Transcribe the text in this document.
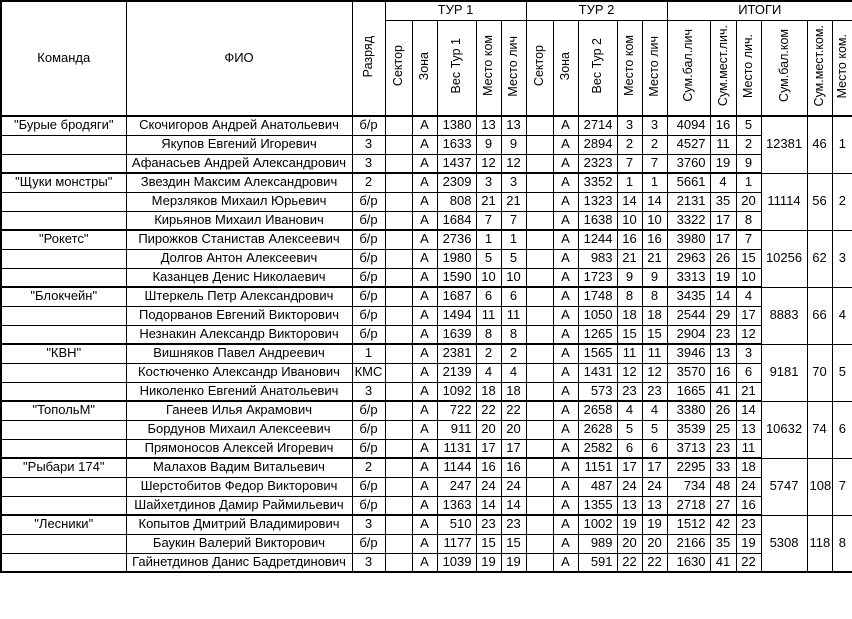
Команда	ФИО	Разряд	ТУР 1					ТУР 2					ИТОГИ					
			Сектор	Зона	Вес Тур 1	Место ком	Место лич	Сектор	Зона	Вес Тур 2	Место ком	Место лич	Сум.бал.лич	Сум.мест.лич.	Место лич.	Сум.бал.ком	Сум.мест.ком.	Место ком.
"Бурые бродяги"	Скочигоров Андрей Анатольевич	б/р		А	1380	13	13		А	2714	3	3	4094	16	5	12381	46	1
	Якупов Евгений Игоревич	3		А	1633	9	9		А	2894	2	2	4527	11	2			
	Афанасьев Андрей Александрович	3		А	1437	12	12		А	2323	7	7	3760	19	9			
"Щуки монстры"	Звездин Максим Александрович	2		А	2309	3	3		А	3352	1	1	5661	4	1	11114	56	2
	Мерзляков Михаил Юрьевич	б/р		А	808	21	21		А	1323	14	14	2131	35	20			
	Кирьянов Михаил Иванович	б/р		А	1684	7	7		А	1638	10	10	3322	17	8			
"Рокетс"	Пирожков Станистав Алексеевич	б/р		А	2736	1	1		А	1244	16	16	3980	17	7	10256	62	3
	Долгов Антон Алексеевич	б/р		А	1980	5	5		А	983	21	21	2963	26	15			
	Казанцев Денис Николаевич	б/р		А	1590	10	10		А	1723	9	9	3313	19	10			
"Блокчейн"	Штеркель Петр Александрович	б/р		А	1687	6	6		А	1748	8	8	3435	14	4	8883	66	4
	Подорванов Евгений Викторович	б/р		А	1494	11	11		А	1050	18	18	2544	29	17			
	Незнакин Александр Викторович	б/р		А	1639	8	8		А	1265	15	15	2904	23	12			
"КВН"	Вишняков Павел Андреевич	1		А	2381	2	2		А	1565	11	11	3946	13	3	9181	70	5
	Костюченко Александр Иванович	КМС		А	2139	4	4		А	1431	12	12	3570	16	6			
	Николенко Евгений Анатольевич	3		А	1092	18	18		А	573	23	23	1665	41	21			
"ТопольМ"	Ганеев Илья Акрамович	б/р		А	722	22	22		А	2658	4	4	3380	26	14	10632	74	6
	Бордунов Михаил Алексеевич	б/р		А	911	20	20		А	2628	5	5	3539	25	13			
	Прямоносов Алексей Игоревич	б/р		А	1131	17	17		А	2582	6	6	3713	23	11			
"Рыбари 174"	Малахов Вадим Витальевич	2		А	1144	16	16		А	1151	17	17	2295	33	18	5747	108	7
	Шерстобитов Федор Викторович	б/р		А	247	24	24		А	487	24	24	734	48	24			
	Шайхетдинов Дамир Раймильевич	б/р		А	1363	14	14		А	1355	13	13	2718	27	16			
"Лесники"	Копытов Дмитрий Владимирович	3		А	510	23	23		А	1002	19	19	1512	42	23	5308	118	8
	Баукин Валерий Викторович	б/р		А	1177	15	15		А	989	20	20	2166	35	19			
	Гайнетдинов Данис Бадретдинович	3		А	1039	19	19		А	591	22	22	1630	41	22			
